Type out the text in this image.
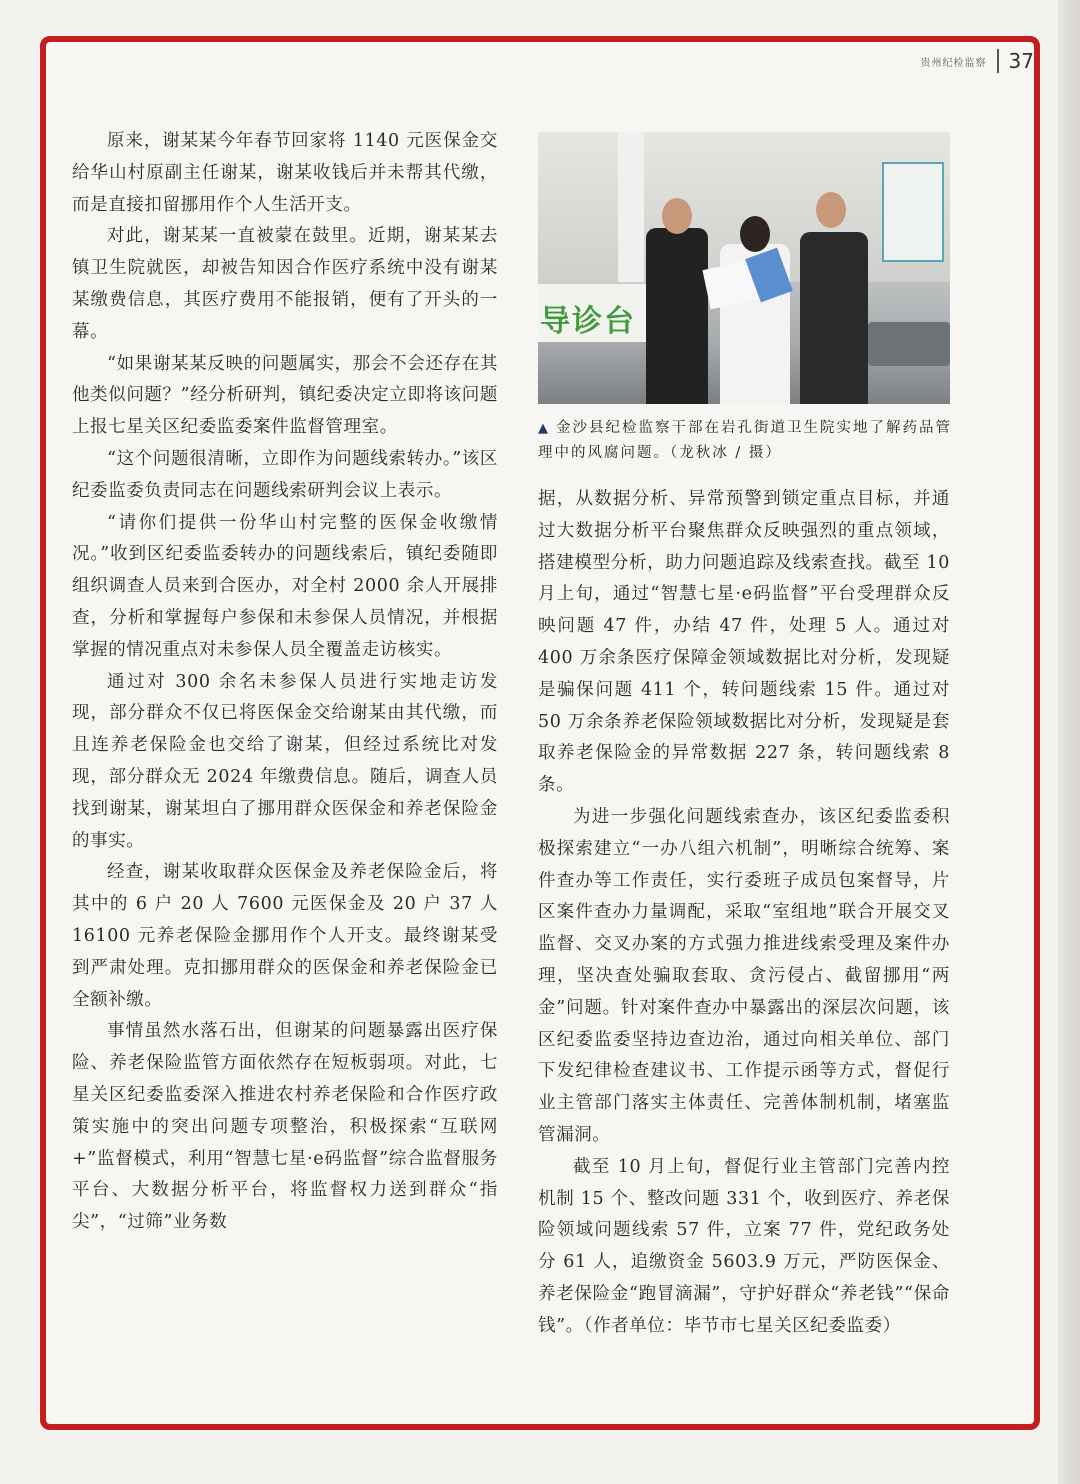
贵州纪检监察 37

原来，谢某某今年春节回家将 1140 元医保金交给华山村原副主任谢某，谢某收钱后并未帮其代缴，而是直接扣留挪用作个人生活开支。

对此，谢某某一直被蒙在鼓里。近期，谢某某去镇卫生院就医，却被告知因合作医疗系统中没有谢某某缴费信息，其医疗费用不能报销，便有了开头的一幕。

“如果谢某某反映的问题属实，那会不会还存在其他类似问题？”经分析研判，镇纪委决定立即将该问题上报七星关区纪委监委案件监督管理室。

“这个问题很清晰，立即作为问题线索转办。”该区纪委监委负责同志在问题线索研判会议上表示。

“请你们提供一份华山村完整的医保金收缴情况。”收到区纪委监委转办的问题线索后，镇纪委随即组织调查人员来到合医办，对全村 2000 余人开展排查，分析和掌握每户参保和未参保人员情况，并根据掌握的情况重点对未参保人员全覆盖走访核实。

通过对 300 余名未参保人员进行实地走访发现，部分群众不仅已将医保金交给谢某由其代缴，而且连养老保险金也交给了谢某，但经过系统比对发现，部分群众无 2024 年缴费信息。随后，调查人员找到谢某，谢某坦白了挪用群众医保金和养老保险金的事实。

经查，谢某收取群众医保金及养老保险金后，将其中的 6 户 20 人 7600 元医保金及 20 户 37 人 16100 元养老保险金挪用作个人开支。最终谢某受到严肃处理。克扣挪用群众的医保金和养老保险金已全额补缴。

事情虽然水落石出，但谢某的问题暴露出医疗保险、养老保险监管方面依然存在短板弱项。对此，七星关区纪委监委深入推进农村养老保险和合作医疗政策实施中的突出问题专项整治，积极探索“互联网+”监督模式，利用“智慧七星·e码监督”综合监督服务平台、大数据分析平台，将监督权力送到群众“指尖”，“过筛”业务数

导诊台
▲ 金沙县纪检监察干部在岩孔街道卫生院实地了解药品管理中的风腐问题。（龙秋冰 / 摄）

据，从数据分析、异常预警到锁定重点目标，并通过大数据分析平台聚焦群众反映强烈的重点领域，搭建模型分析，助力问题追踪及线索查找。截至 10 月上旬，通过“智慧七星·e码监督”平台受理群众反映问题 47 件，办结 47 件，处理 5 人。通过对 400 万余条医疗保障金领域数据比对分析，发现疑是骗保问题 411 个，转问题线索 15 件。通过对 50 万余条养老保险领域数据比对分析，发现疑是套取养老保险金的异常数据 227 条，转问题线索 8 条。

为进一步强化问题线索查办，该区纪委监委积极探索建立“一办八组六机制”，明晰综合统筹、案件查办等工作责任，实行委班子成员包案督导，片区案件查办力量调配，采取“室组地”联合开展交叉监督、交叉办案的方式强力推进线索受理及案件办理，坚决查处骗取套取、贪污侵占、截留挪用“两金”问题。针对案件查办中暴露出的深层次问题，该区纪委监委坚持边查边治，通过向相关单位、部门下发纪律检查建议书、工作提示函等方式，督促行业主管部门落实主体责任、完善体制机制，堵塞监管漏洞。

截至 10 月上旬，督促行业主管部门完善内控机制 15 个、整改问题 331 个，收到医疗、养老保险领域问题线索 57 件，立案 77 件，党纪政务处分 61 人，追缴资金 5603.9 万元，严防医保金、养老保险金“跑冒滴漏”，守护好群众“养老钱”“保命钱”。（作者单位：毕节市七星关区纪委监委）
